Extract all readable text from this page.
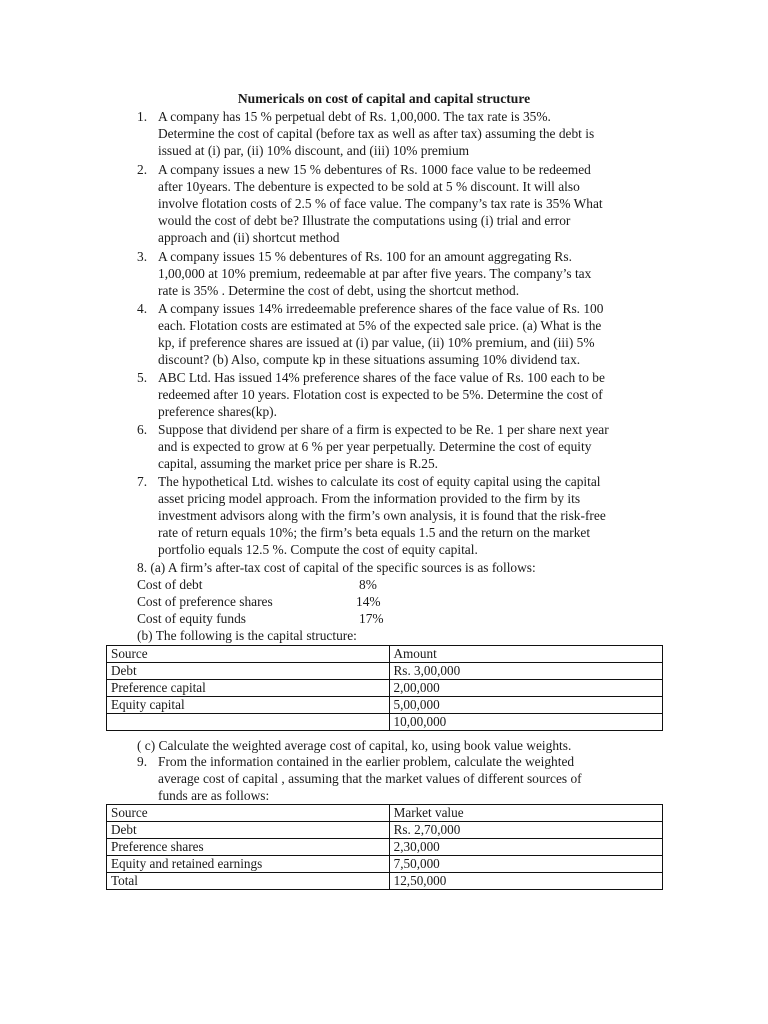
Numericals on cost of capital and capital structure
1. A company has 15 % perpetual debt of Rs. 1,00,000. The tax rate is 35%.
Determine the cost of capital (before tax as well as after tax) assuming the debt is
issued at (i) par, (ii) 10% discount, and (iii) 10% premium
2. A company issues a new 15 % debentures of Rs. 1000 face value to be redeemed
after 10years. The debenture is expected to be sold at 5 % discount. It will also
involve flotation costs of 2.5 % of face value. The company’s tax rate is 35% What
would the cost of debt be? Illustrate the computations using (i) trial and error
approach and (ii) shortcut method
3. A company issues 15 % debentures of Rs. 100 for an amount aggregating Rs.
1,00,000 at 10% premium, redeemable at par after five years. The company’s tax
rate is 35% . Determine the cost of debt, using the shortcut method.
4. A company issues 14% irredeemable preference shares of the face value of Rs. 100
each. Flotation costs are estimated at 5% of the expected sale price. (a) What is the
kp, if preference shares are issued at (i) par value, (ii) 10% premium, and (iii) 5%
discount? (b) Also, compute kp in these situations assuming 10% dividend tax.
5. ABC Ltd. Has issued 14% preference shares of the face value of Rs. 100 each to be
redeemed after 10 years. Flotation cost is expected to be 5%. Determine the cost of
preference shares(kp).
6. Suppose that dividend per share of a firm is expected to be Re. 1 per share next year
and is expected to grow at 6 % per year perpetually. Determine the cost of equity
capital, assuming the market price per share is R.25.
7. The hypothetical Ltd. wishes to calculate its cost of equity capital using the capital
asset pricing model approach. From the information provided to the firm by its
investment advisors along with the firm’s own analysis, it is found that the risk-free
rate of return equals 10%; the firm’s beta equals 1.5 and the return on the market
portfolio equals 12.5 %. Compute the cost of equity capital.
8. (a) A firm’s after-tax cost of capital of the specific sources is as follows:
Cost of debt	8%
Cost of preference shares	14%
Cost of equity funds	17%
(b) The following is the capital structure:
Source	Amount
Debt	Rs. 3,00,000
Preference capital	2,00,000
Equity capital	5,00,000
	10,00,000
( c) Calculate the weighted average cost of capital, ko, using book value weights.
9. From the information contained in the earlier problem, calculate the weighted
average cost of capital , assuming that the market values of different sources of
funds are as follows:
Source	Market value
Debt	Rs. 2,70,000
Preference shares	2,30,000
Equity and retained earnings	7,50,000
Total	12,50,000
